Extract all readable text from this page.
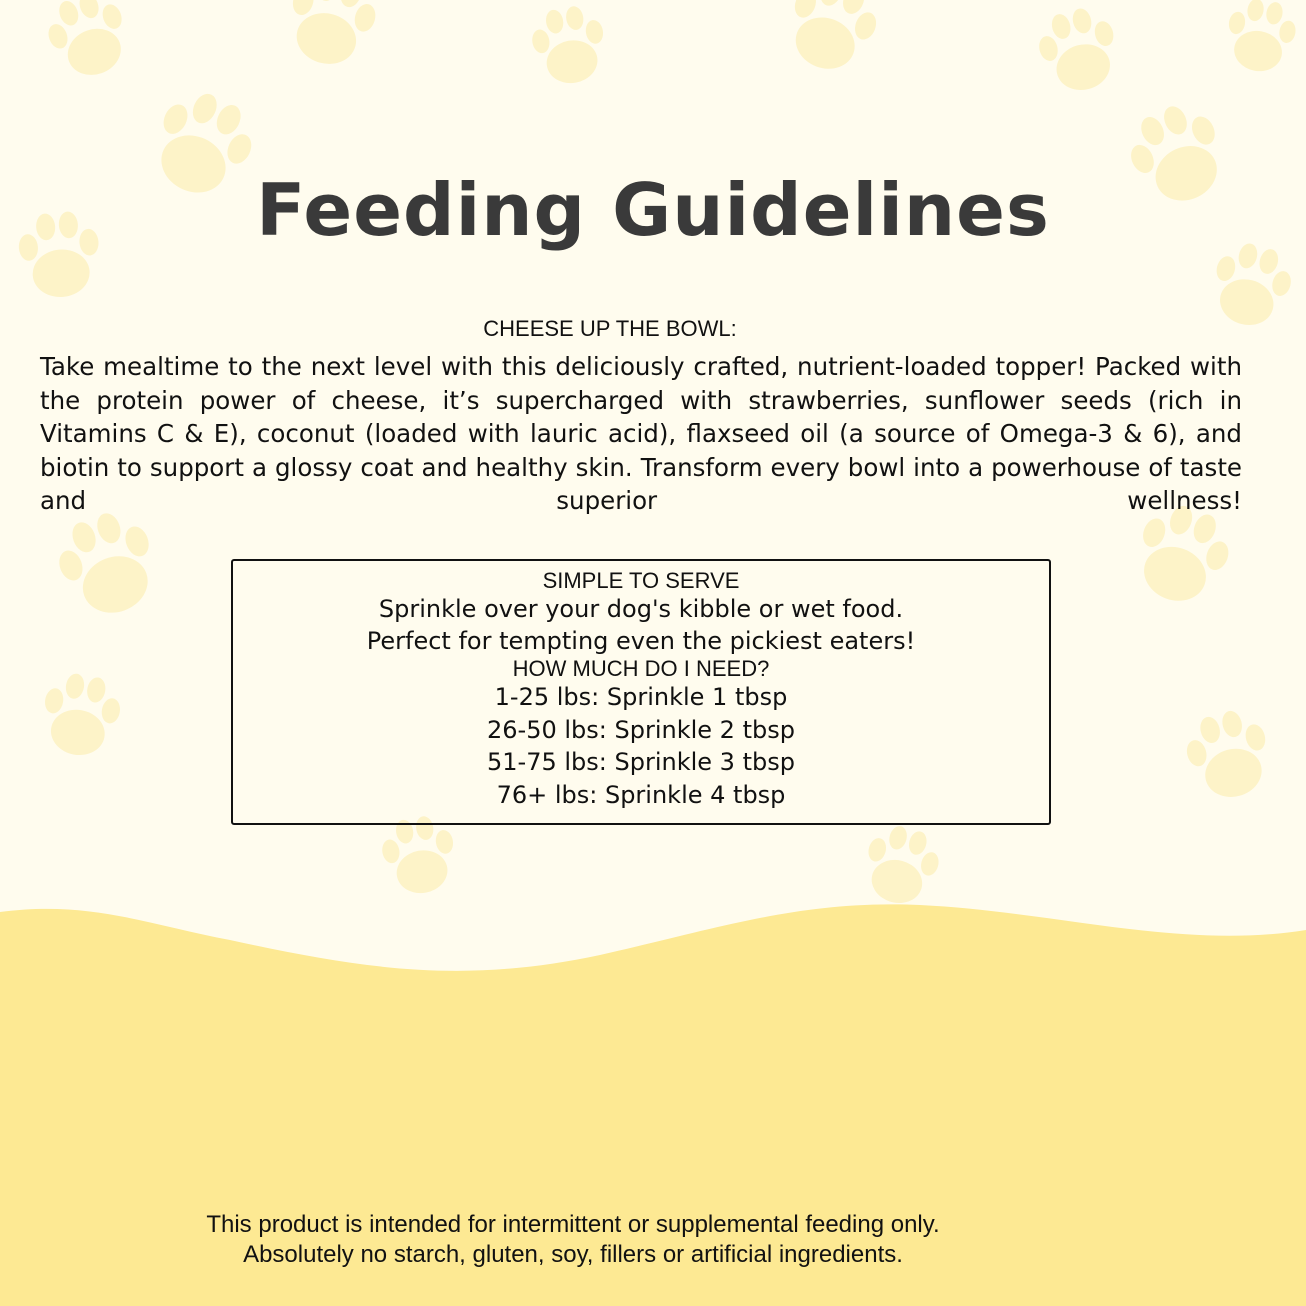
Feeding Guidelines
CHEESE UP THE BOWL:

Take mealtime to the next level with this deliciously crafted, nutrient-loaded topper! Packed with the protein power of cheese, it’s supercharged with strawberries, sunflower seeds (rich in Vitamins C & E), coconut (loaded with lauric acid), flaxseed oil (a source of Omega-3 & 6), and biotin to support a glossy coat and healthy skin. Transform every bowl into a powerhouse of taste and superior wellness!

SIMPLE TO SERVE
Sprinkle over your dog's kibble or wet food.
Perfect for tempting even the pickiest eaters!
HOW MUCH DO I NEED?
1-25 lbs: Sprinkle 1 tbsp
26-50 lbs: Sprinkle 2 tbsp
51-75 lbs: Sprinkle 3 tbsp
76+ lbs: Sprinkle 4 tbsp
This product is intended for intermittent or supplemental feeding only.
Absolutely no starch, gluten, soy, fillers or artificial ingredients.
